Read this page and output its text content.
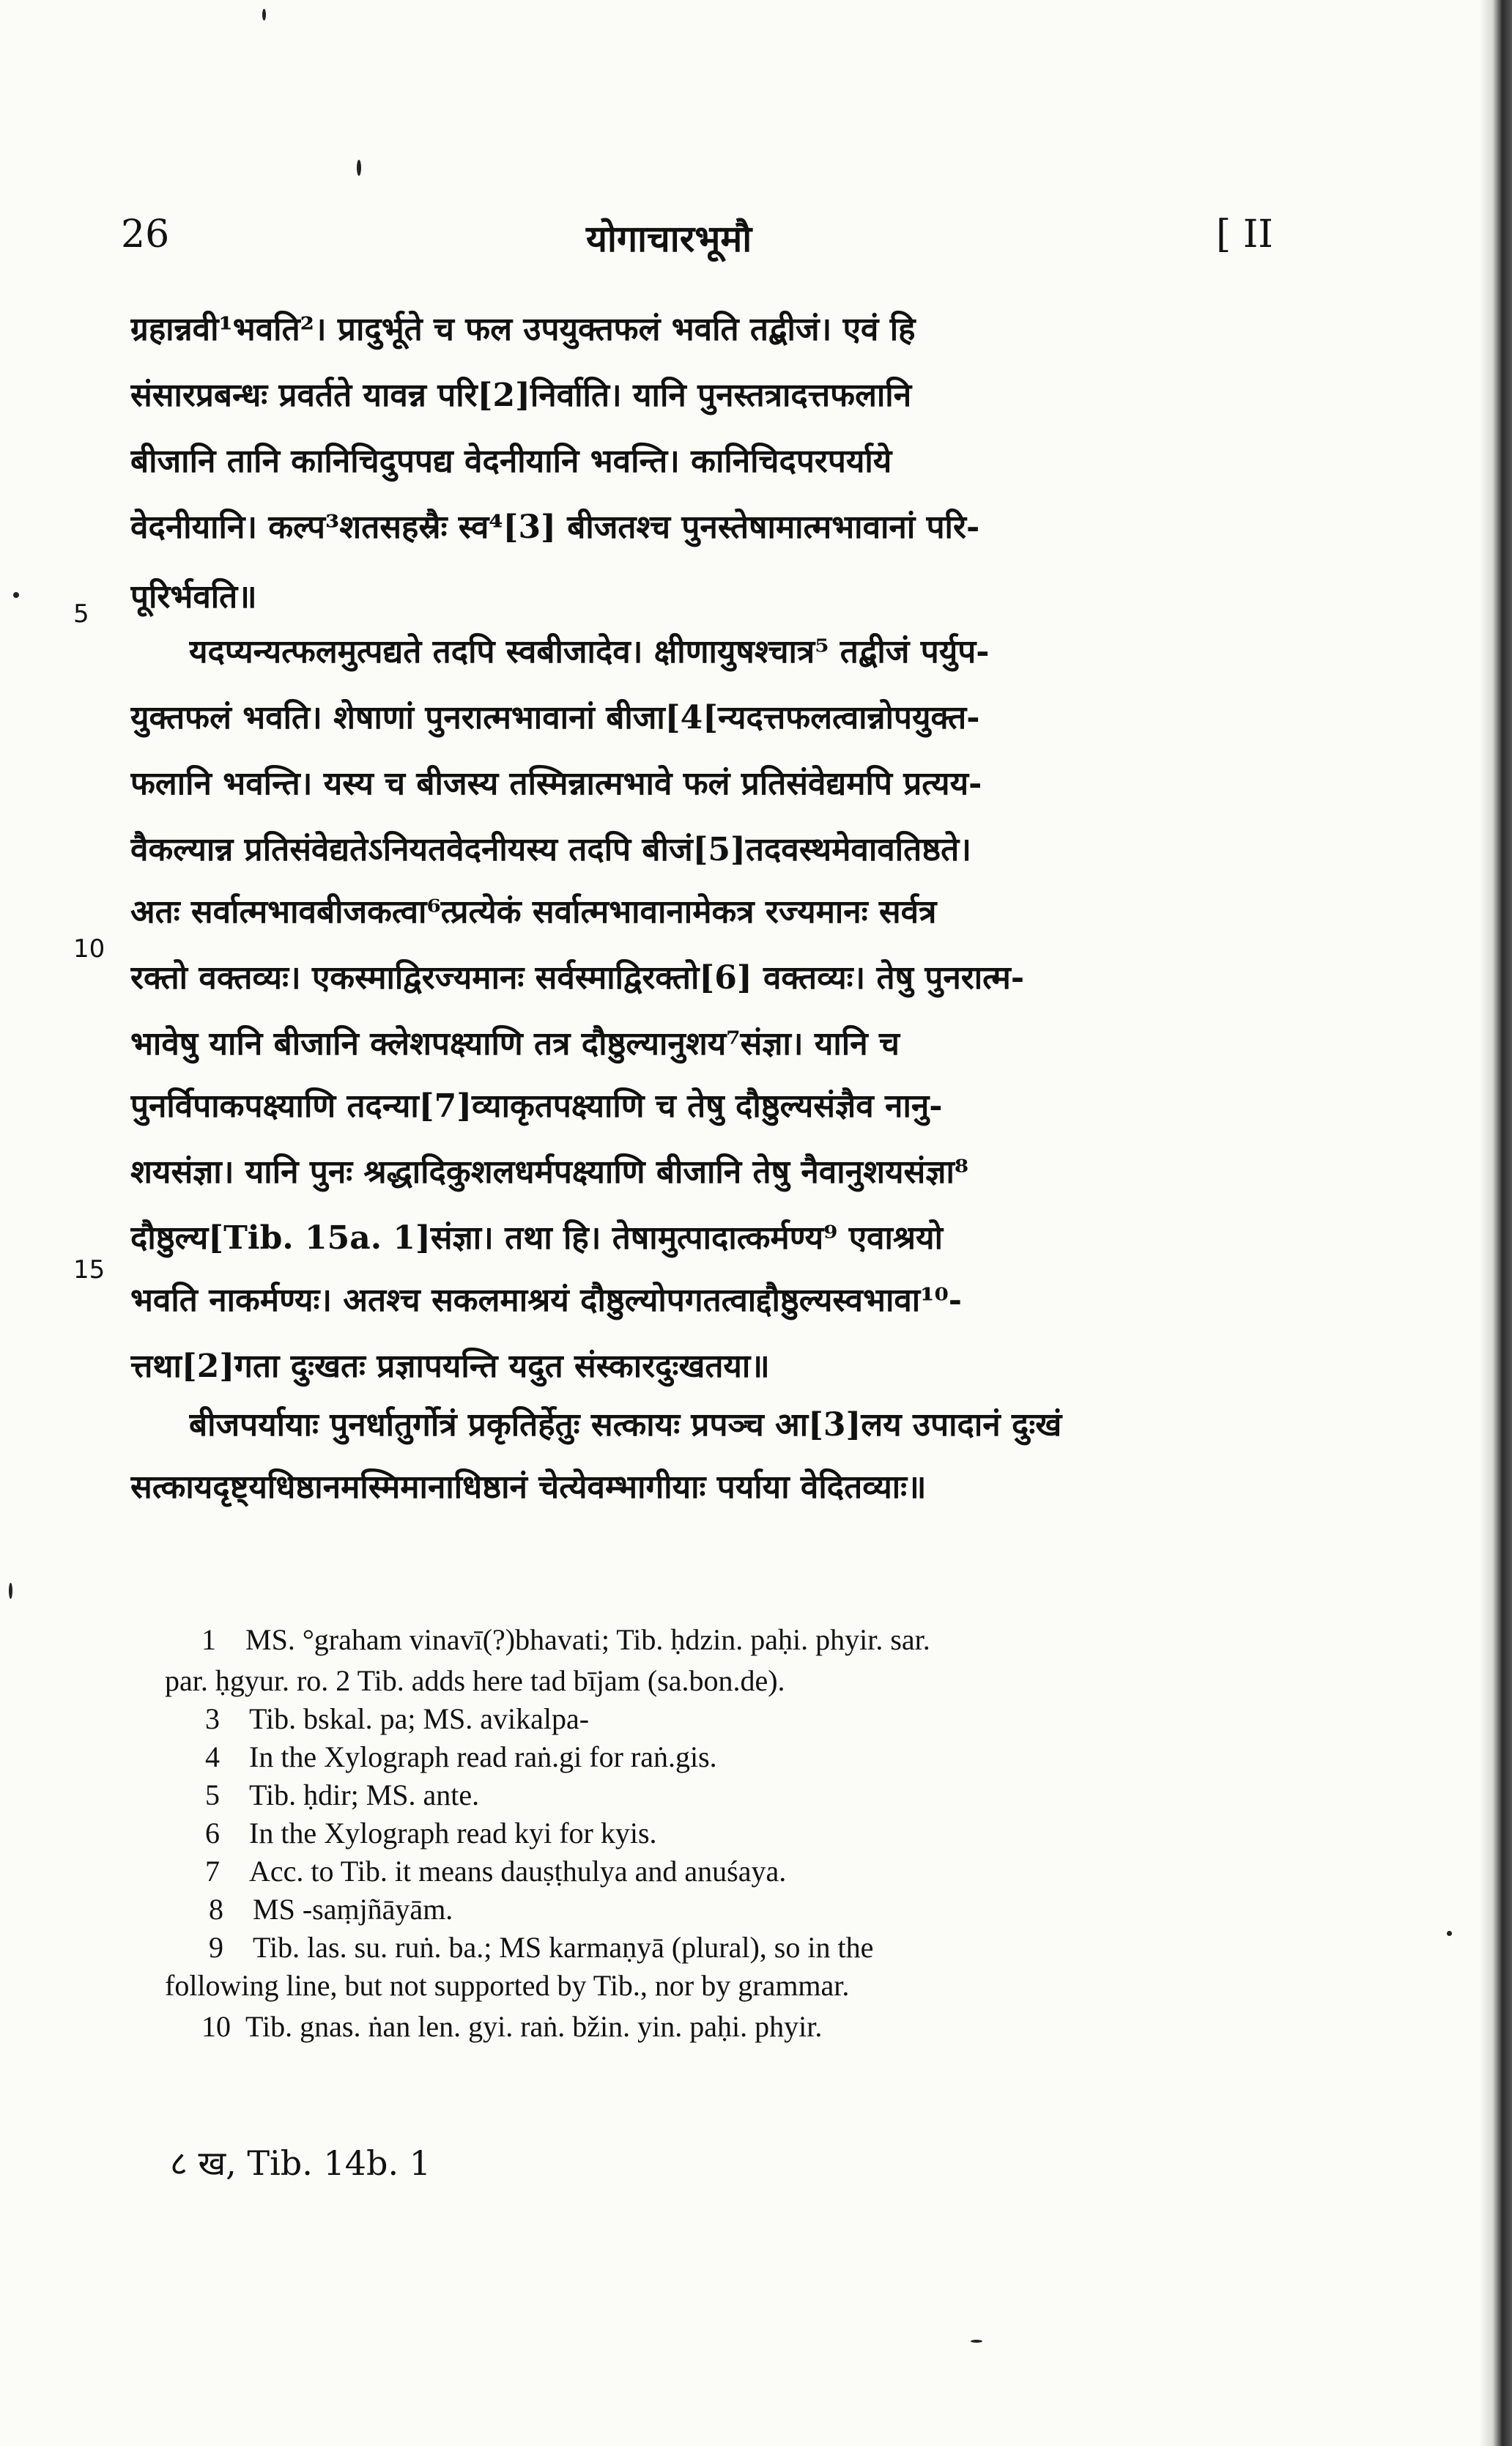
26	योगाचारभूमौ	[ II
5
10
15
ग्रहान्नवी¹भवति²। प्रादुर्भूते च फल उपयुक्तफलं भवति तद्बीजं। एवं हि
संसारप्रबन्धः प्रवर्तते यावन्न परि[2]निर्वाति। यानि पुनस्तत्रादत्तफलानि
बीजानि तानि कानिचिदुपपद्य वेदनीयानि भवन्ति। कानिचिदपरपर्याये
वेदनीयानि। कल्प³शतसहस्रैः स्व⁴[3] बीजतश्च पुनस्तेषामात्मभावानां परि-
पूरिर्भवति॥
यदप्यन्यत्फलमुत्पद्यते तदपि स्वबीजादेव। क्षीणायुषश्चात्र⁵ तद्बीजं पर्युप-
युक्तफलं भवति। शेषाणां पुनरात्मभावानां बीजा[4[न्यदत्तफलत्वान्नोपयुक्त-
फलानि भवन्ति। यस्य च बीजस्य तस्मिन्नात्मभावे फलं प्रतिसंवेद्यमपि प्रत्यय-
वैकल्यान्न प्रतिसंवेद्यतेऽनियतवेदनीयस्य तदपि बीजं[5]तदवस्थमेवावतिष्ठते।
अतः सर्वात्मभावबीजकत्वा⁶त्प्रत्येकं सर्वात्मभावानामेकत्र रज्यमानः सर्वत्र
रक्तो वक्तव्यः। एकस्माद्विरज्यमानः सर्वस्माद्विरक्तो[6] वक्तव्यः। तेषु पुनरात्म-
भावेषु यानि बीजानि क्लेशपक्ष्याणि तत्र दौष्ठुल्यानुशय⁷संज्ञा। यानि च
पुनर्विपाकपक्ष्याणि तदन्या[7]व्याकृतपक्ष्याणि च तेषु दौष्ठुल्यसंज्ञैव नानु-
शयसंज्ञा। यानि पुनः श्रद्धादिकुशलधर्मपक्ष्याणि बीजानि तेषु नैवानुशयसंज्ञा⁸
दौष्ठुल्य[Tib. 15a. 1]संज्ञा। तथा हि। तेषामुत्पादात्कर्मण्य⁹ एवाश्रयो
भवति नाकर्मण्यः। अतश्च सकलमाश्रयं दौष्ठुल्योपगतत्वाद्दौष्ठुल्यस्वभावा¹⁰-
त्तथा[2]गता दुःखतः प्रज्ञापयन्ति यदुत संस्कारदुःखतया॥
बीजपर्यायाः पुनर्धातुर्गोत्रं प्रकृतिर्हेतुः सत्कायः प्रपञ्च आ[3]लय उपादानं दुःखं
सत्कायदृष्ट्यधिष्ठानमस्मिमानाधिष्ठानं चेत्येवम्भागीयाः पर्याया वेदितव्याः॥
1 MS. °graham vinavī(?)bhavati; Tib. ḥdzin. paḥi. phyir. sar.
par. ḥgyur. ro. 2 Tib. adds here tad bījam (sa.bon.de).
3 Tib. bskal. pa; MS. avikalpa-
4 In the Xylograph read raṅ.gi for raṅ.gis.
5 Tib. ḥdir; MS. ante.
6 In the Xylograph read kyi for kyis.
7 Acc. to Tib. it means dauṣṭhulya and anuśaya.
8 MS -saṃjñāyām.
9 Tib. las. su. ruṅ. ba.; MS karmaṇyā (plural), so in the
following line, but not supported by Tib., nor by grammar.
10 Tib. gnas. ṅan len. gyi. raṅ. bžin. yin. paḥi. phyir.
८ ख, Tib. 14b. 1
